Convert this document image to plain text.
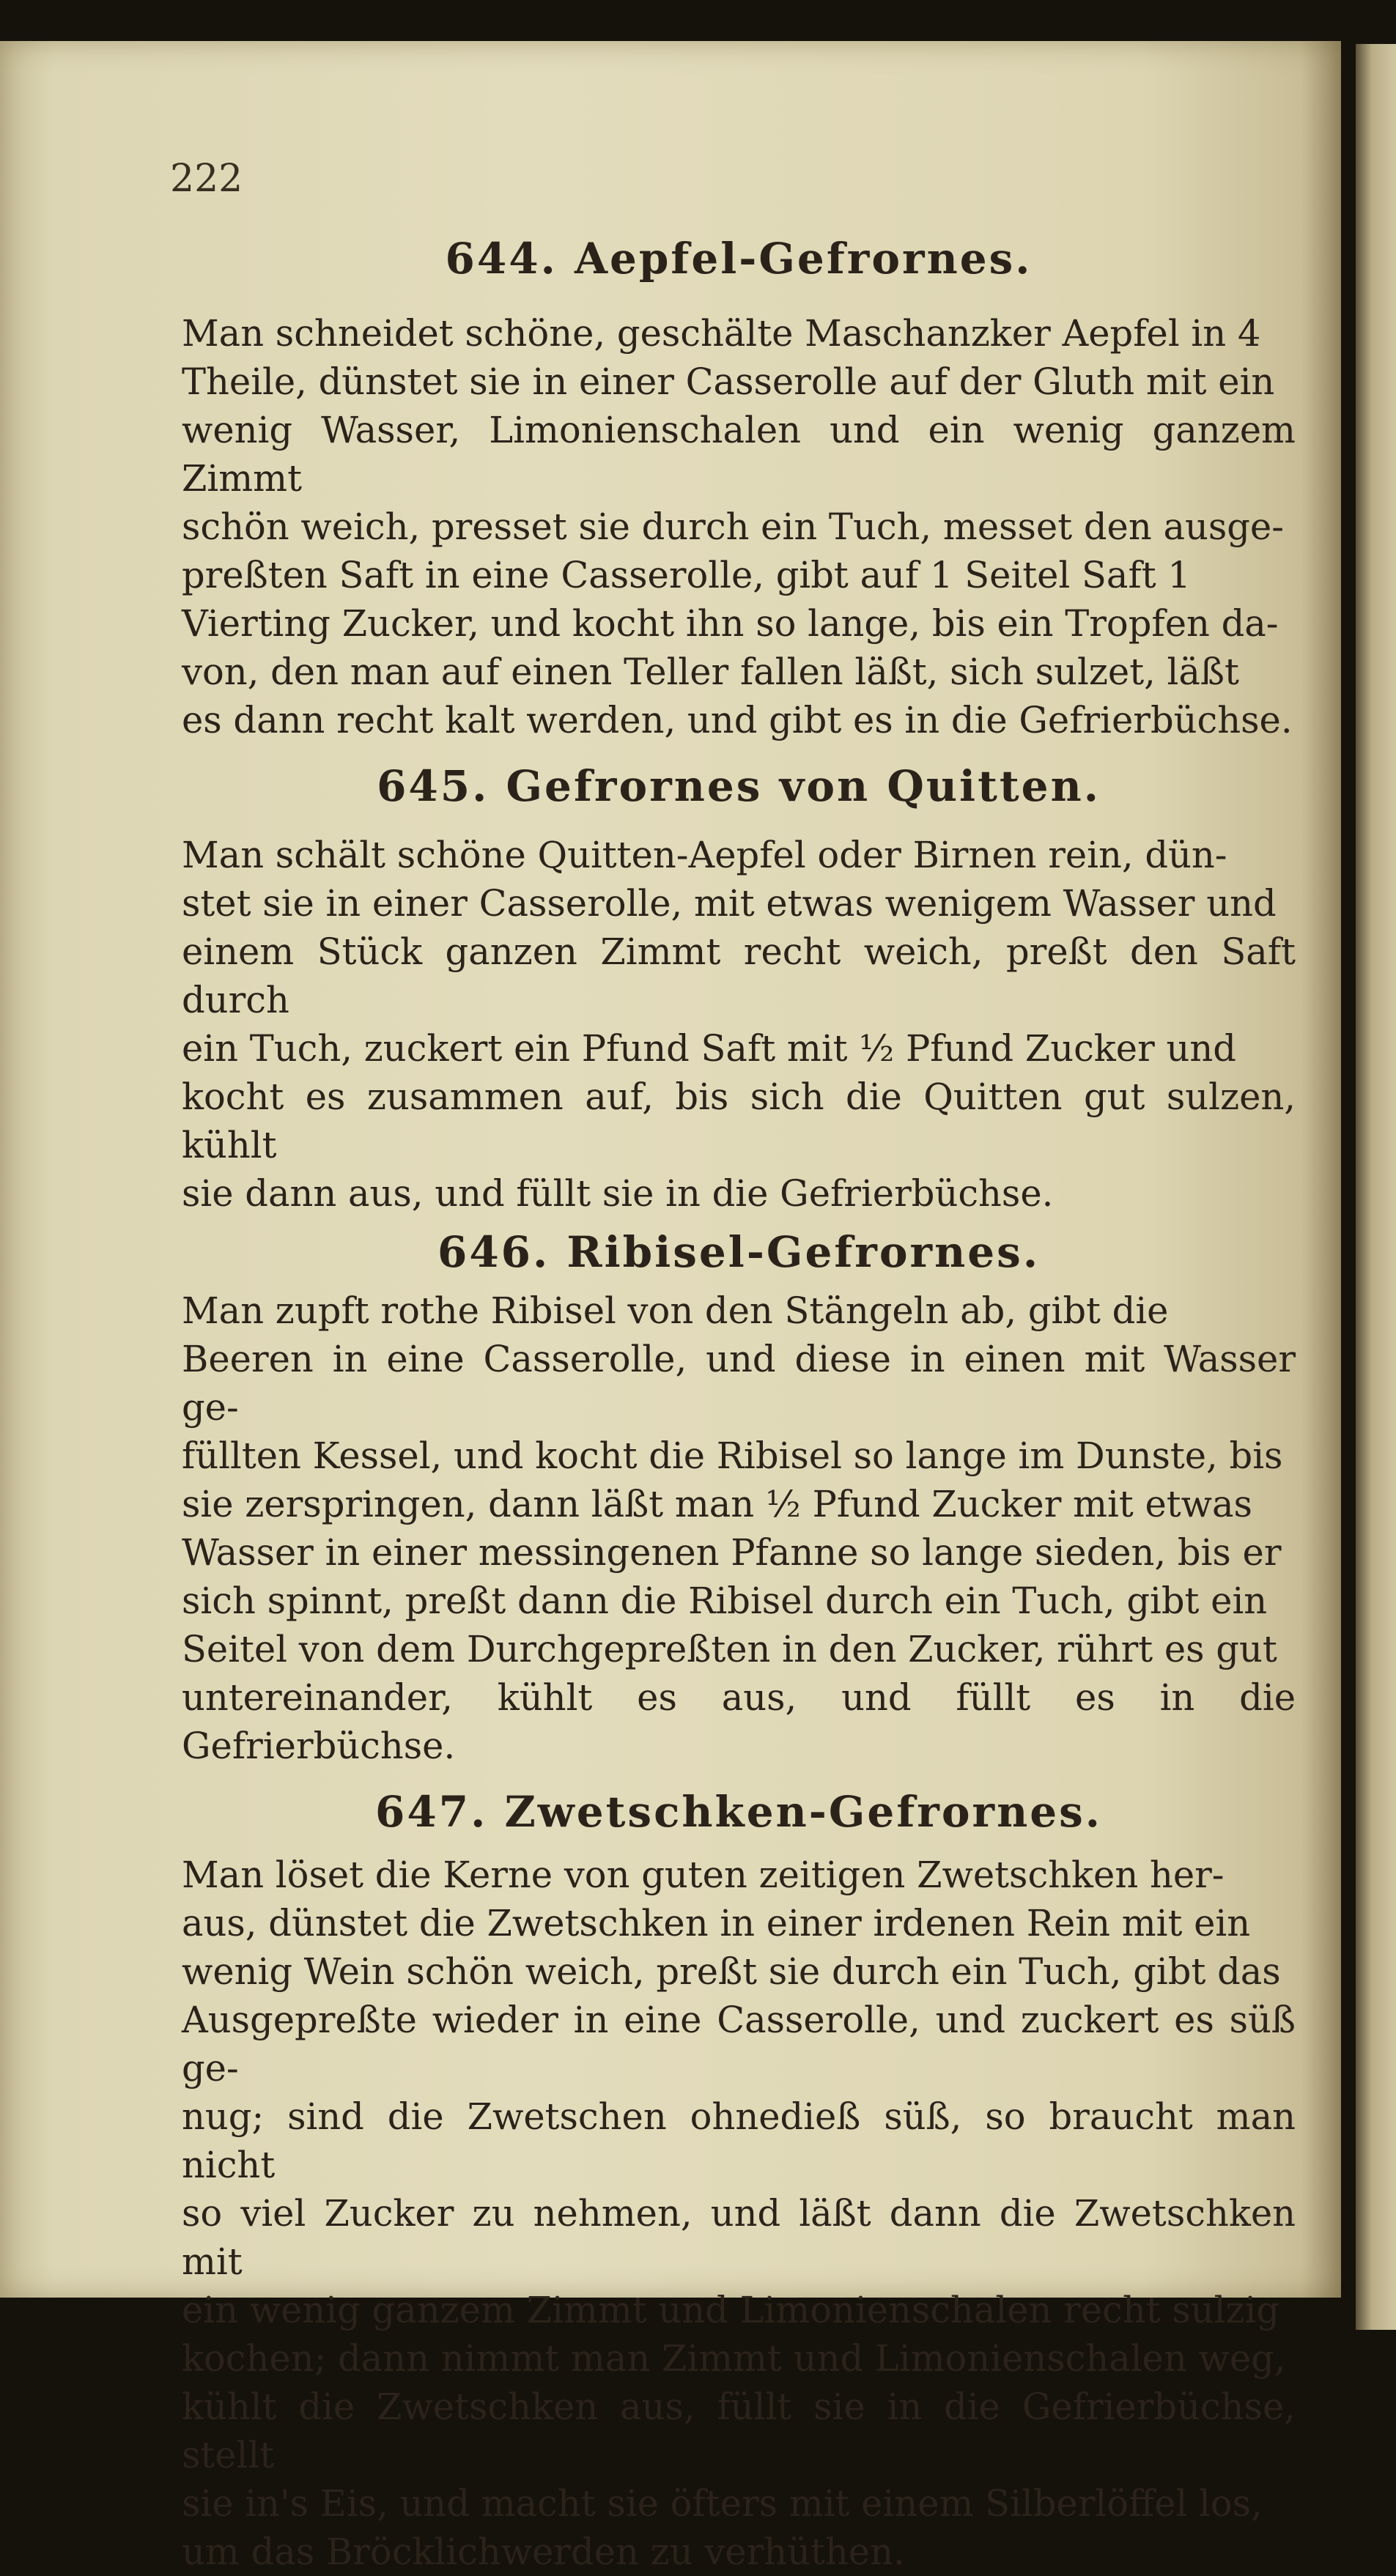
222
644. Aepfel-Gefrornes.

Man schneidet schöne, geschälte Maschanzker Aepfel in 4
Theile, dünstet sie in einer Casserolle auf der Gluth mit ein
wenig Wasser, Limonienschalen und ein wenig ganzem Zimmt
schön weich, presset sie durch ein Tuch, messet den ausge-
preßten Saft in eine Casserolle, gibt auf 1 Seitel Saft 1
Vierting Zucker, und kocht ihn so lange, bis ein Tropfen da-
von, den man auf einen Teller fallen läßt, sich sulzet, läßt
es dann recht kalt werden, und gibt es in die Gefrierbüchse.

645. Gefrornes von Quitten.

Man schält schöne Quitten-Aepfel oder Birnen rein, dün-
stet sie in einer Casserolle, mit etwas wenigem Wasser und
einem Stück ganzen Zimmt recht weich, preßt den Saft durch
ein Tuch, zuckert ein Pfund Saft mit ½ Pfund Zucker und
kocht es zusammen auf, bis sich die Quitten gut sulzen, kühlt
sie dann aus, und füllt sie in die Gefrierbüchse.

646. Ribisel-Gefrornes.

Man zupft rothe Ribisel von den Stängeln ab, gibt die
Beeren in eine Casserolle, und diese in einen mit Wasser ge-
füllten Kessel, und kocht die Ribisel so lange im Dunste, bis
sie zerspringen, dann läßt man ½ Pfund Zucker mit etwas
Wasser in einer messingenen Pfanne so lange sieden, bis er
sich spinnt, preßt dann die Ribisel durch ein Tuch, gibt ein
Seitel von dem Durchgepreßten in den Zucker, rührt es gut
untereinander, kühlt es aus, und füllt es in die Gefrierbüchse.

647. Zwetschken-Gefrornes.

Man löset die Kerne von guten zeitigen Zwetschken her-
aus, dünstet die Zwetschken in einer irdenen Rein mit ein
wenig Wein schön weich, preßt sie durch ein Tuch, gibt das
Ausgepreßte wieder in eine Casserolle, und zuckert es süß ge-
nug; sind die Zwetschen ohnedieß süß, so braucht man nicht
so viel Zucker zu nehmen, und läßt dann die Zwetschken mit
ein wenig ganzem Zimmt und Limonienschalen recht sulzig
kochen; dann nimmt man Zimmt und Limonienschalen weg,
kühlt die Zwetschken aus, füllt sie in die Gefrierbüchse, stellt
sie in's Eis, und macht sie öfters mit einem Silberlöffel los,
um das Bröcklichwerden zu verhüthen.
